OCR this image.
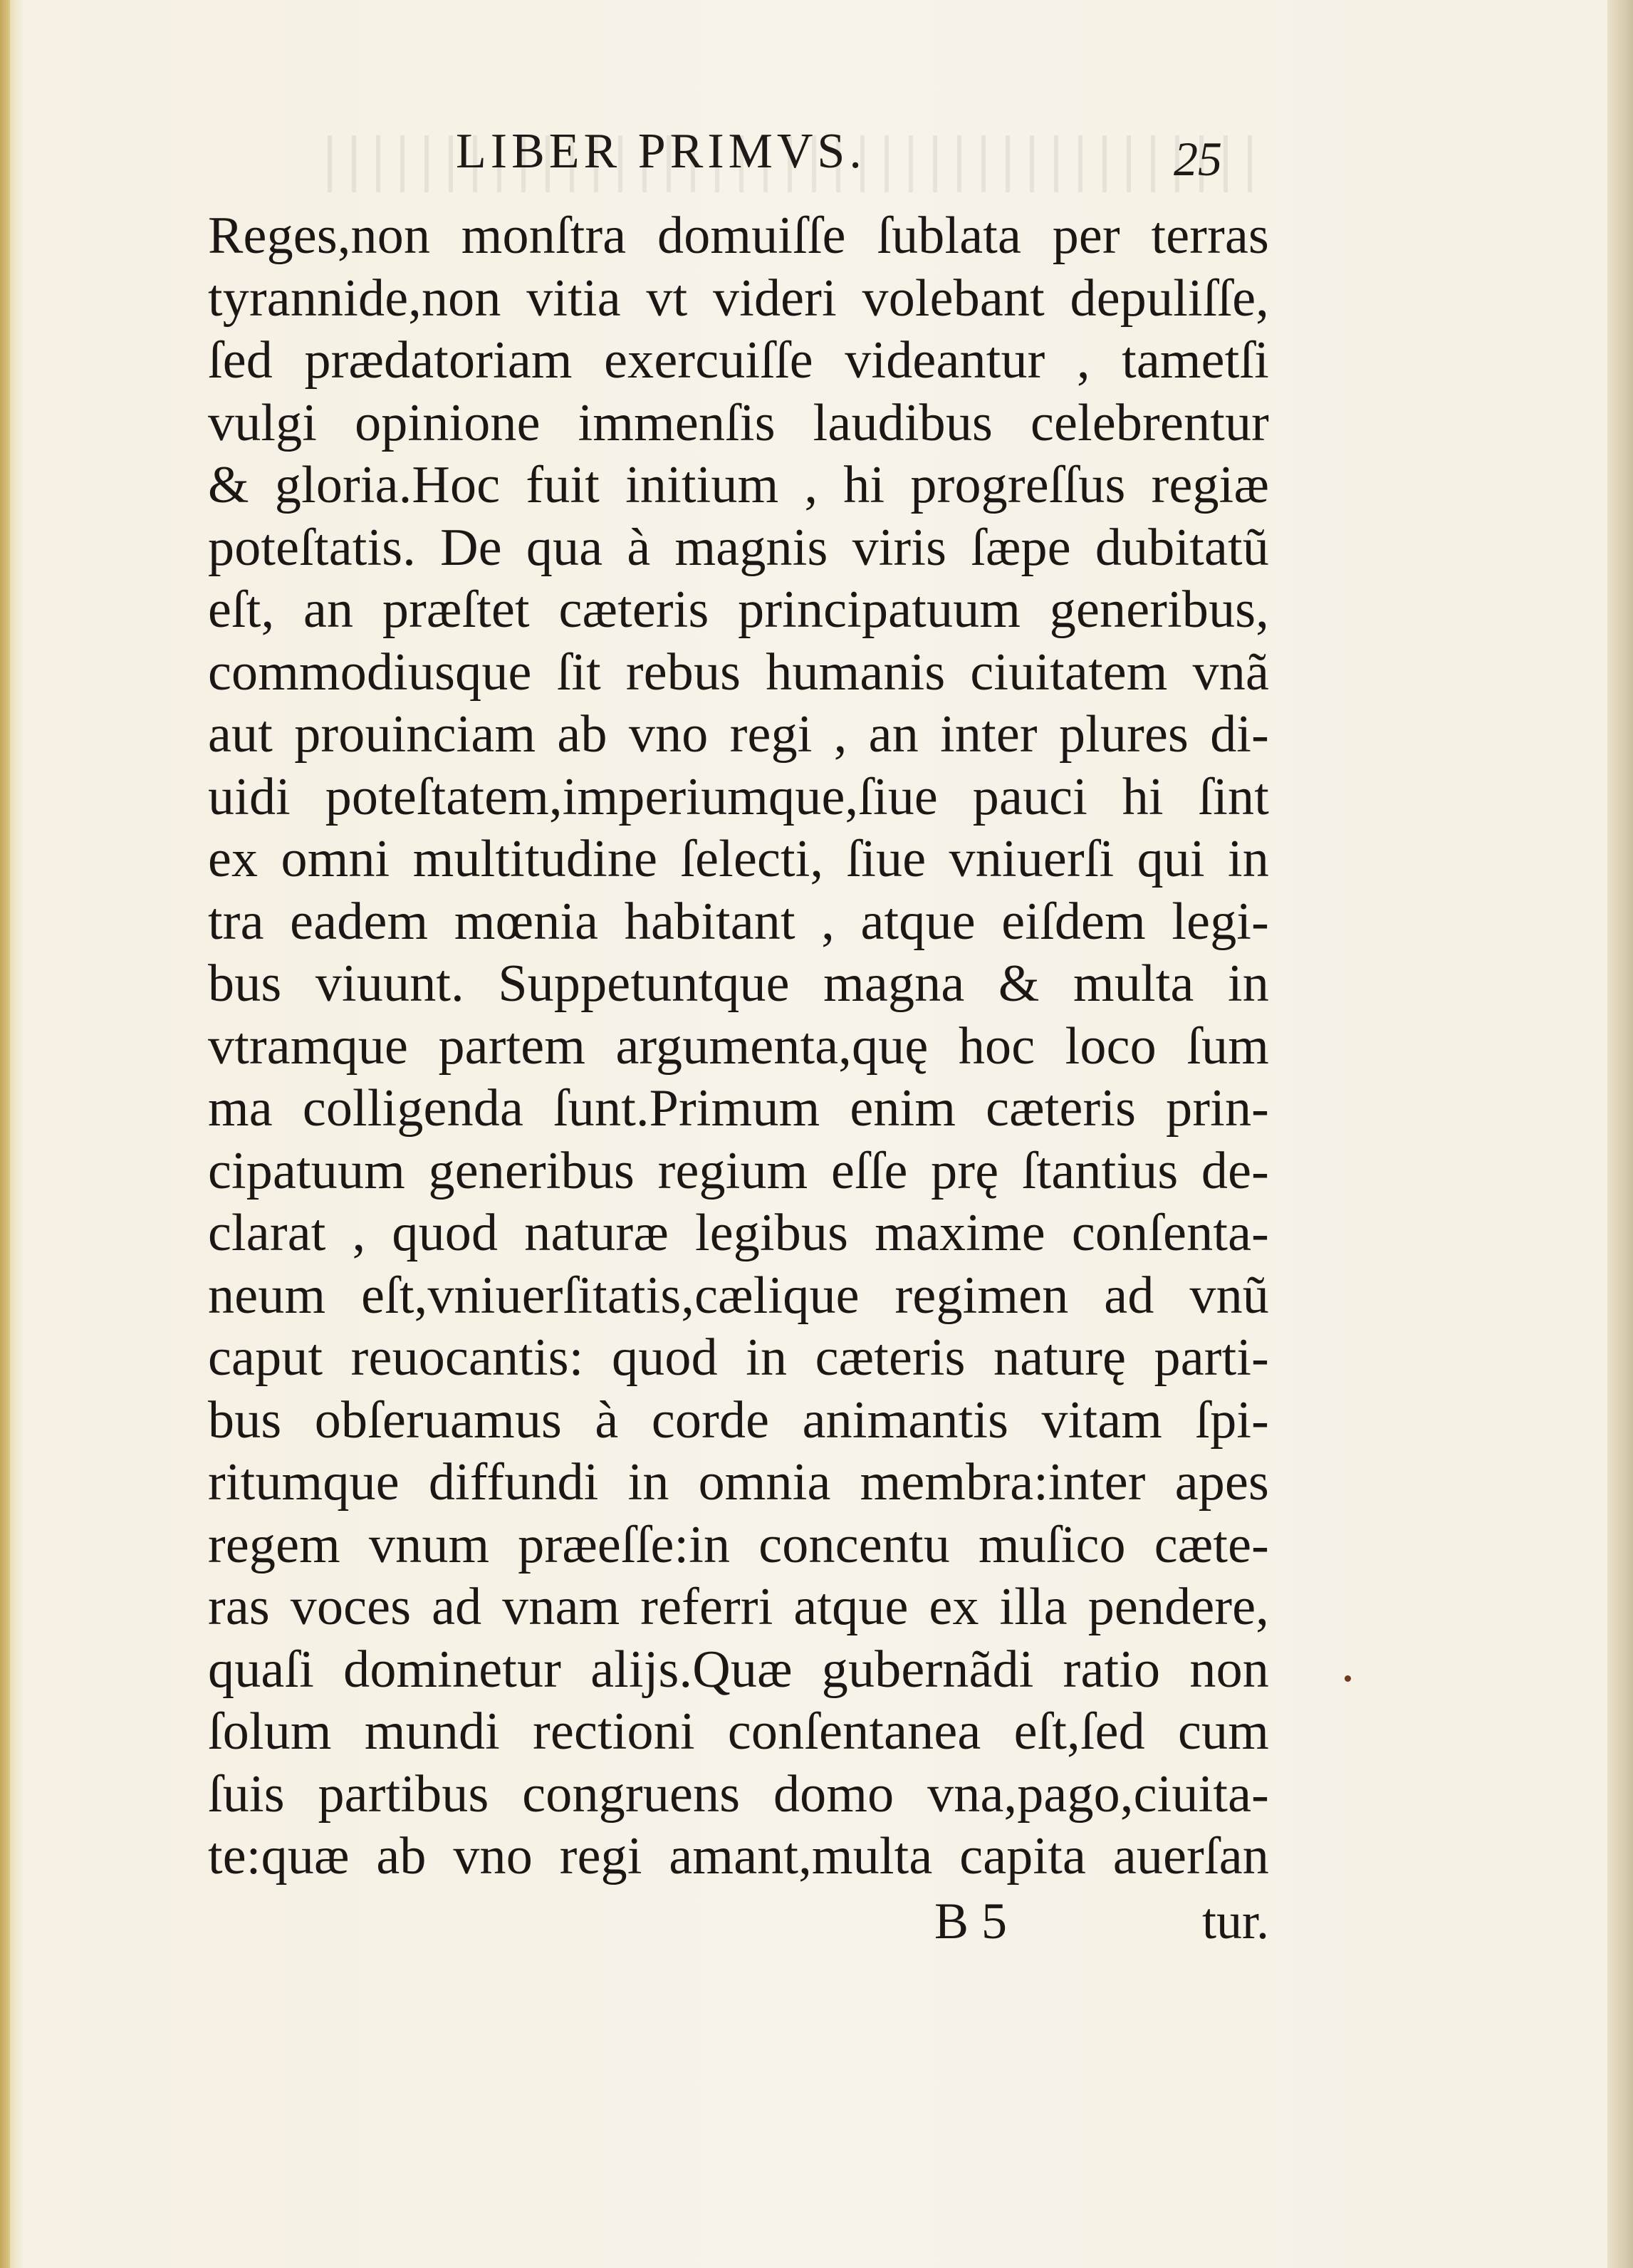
LIBER PRIMVS.	25
Reges,non monſtra domuiſſe ſublata per terras
tyrannide,non vitia vt videri volebant depuliſſe,
ſed prædatoriam exercuiſſe videantur , tametſi
vulgi opinione immenſis laudibus celebrentur
& gloria.Hoc fuit initium , hi progreſſus regiæ
poteſtatis. De qua à magnis viris ſæpe dubitatũ
eſt, an præſtet cæteris principatuum generibus,
commodiusque ſit rebus humanis ciuitatem vnã
aut prouinciam ab vno regi , an inter plures di-
uidi poteſtatem,imperiumque,ſiue pauci hi ſint
ex omni multitudine ſelecti, ſiue vniuerſi qui in
tra eadem mœnia habitant , atque eiſdem legi-
bus viuunt. Suppetuntque magna & multa in
vtramque partem argumenta,quę hoc loco ſum
ma colligenda ſunt.Primum enim cæteris prin-
cipatuum generibus regium eſſe prę ſtantius de-
clarat , quod naturæ legibus maxime conſenta-
neum eſt,vniuerſitatis,cælique regimen ad vnũ
caput reuocantis: quod in cæteris naturę parti-
bus obſeruamus à corde animantis vitam ſpi-
ritumque diffundi in omnia membra:inter apes
regem vnum præeſſe:in concentu muſico cæte-
ras voces ad vnam referri atque ex illa pendere,
quaſi dominetur alijs.Quæ gubernãdi ratio non
ſolum mundi rectioni conſentanea eſt,ſed cum
ſuis partibus congruens domo vna,pago,ciuita-
te:quæ ab vno regi amant,multa capita auerſan
B 5	tur.
